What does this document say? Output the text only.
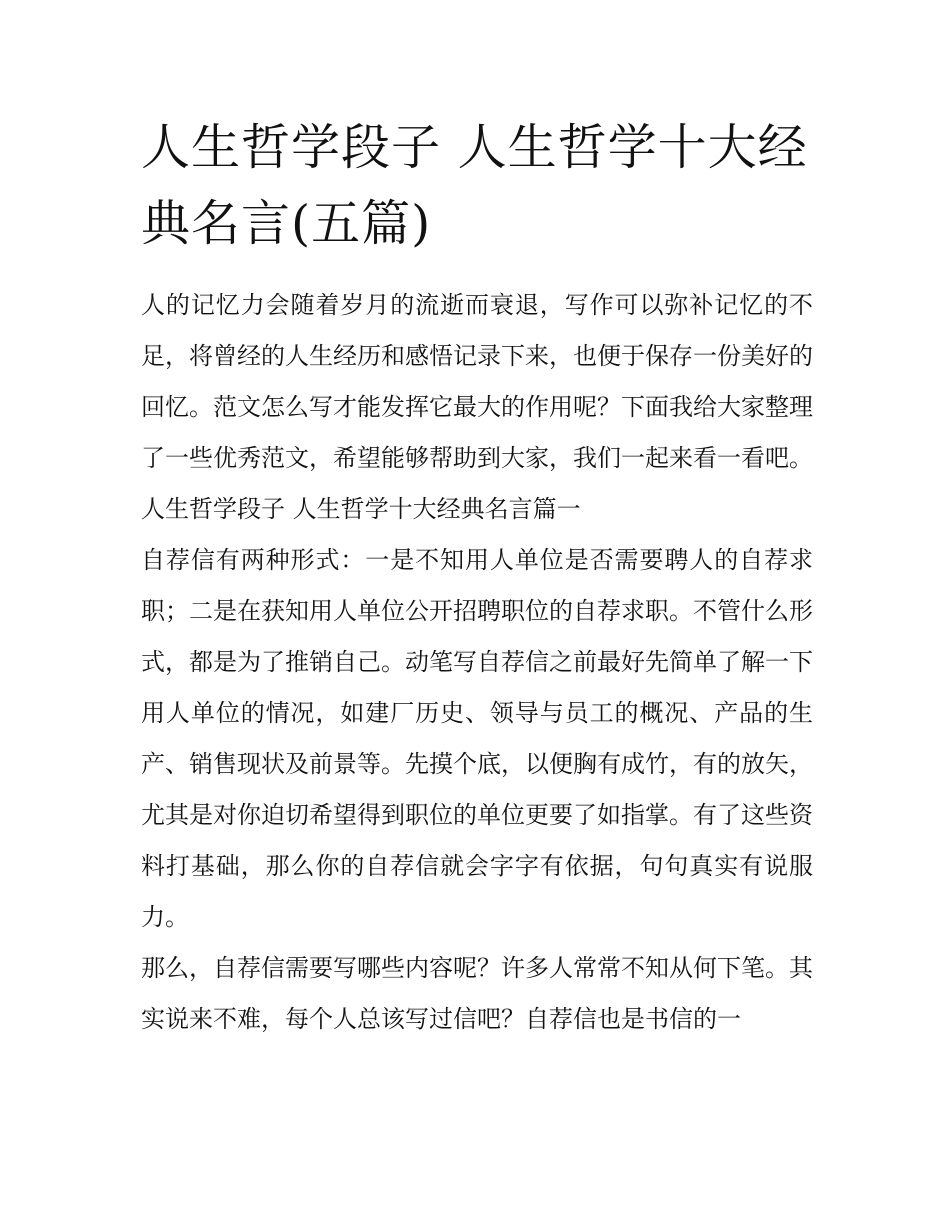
人生哲学段子 人生哲学十大经典名言(五篇)

人的记忆力会随着岁月的流逝而衰退，写作可以弥补记忆的不足，将曾经的人生经历和感悟记录下来，也便于保存一份美好的回忆。范文怎么写才能发挥它最大的作用呢？下面我给大家整理了一些优秀范文，希望能够帮助到大家，我们一起来看一看吧。

人生哲学段子 人生哲学十大经典名言篇一

自荐信有两种形式：一是不知用人单位是否需要聘人的自荐求职；二是在获知用人单位公开招聘职位的自荐求职。不管什么形式，都是为了推销自己。动笔写自荐信之前最好先简单了解一下用人单位的情况，如建厂历史、领导与员工的概况、产品的生产、销售现状及前景等。先摸个底，以便胸有成竹，有的放矢，尤其是对你迫切希望得到职位的单位更要了如指掌。有了这些资料打基础，那么你的自荐信就会字字有依据，句句真实有说服力。

那么，自荐信需要写哪些内容呢？许多人常常不知从何下笔。其实说来不难，每个人总该写过信吧？自荐信也是书信的一
